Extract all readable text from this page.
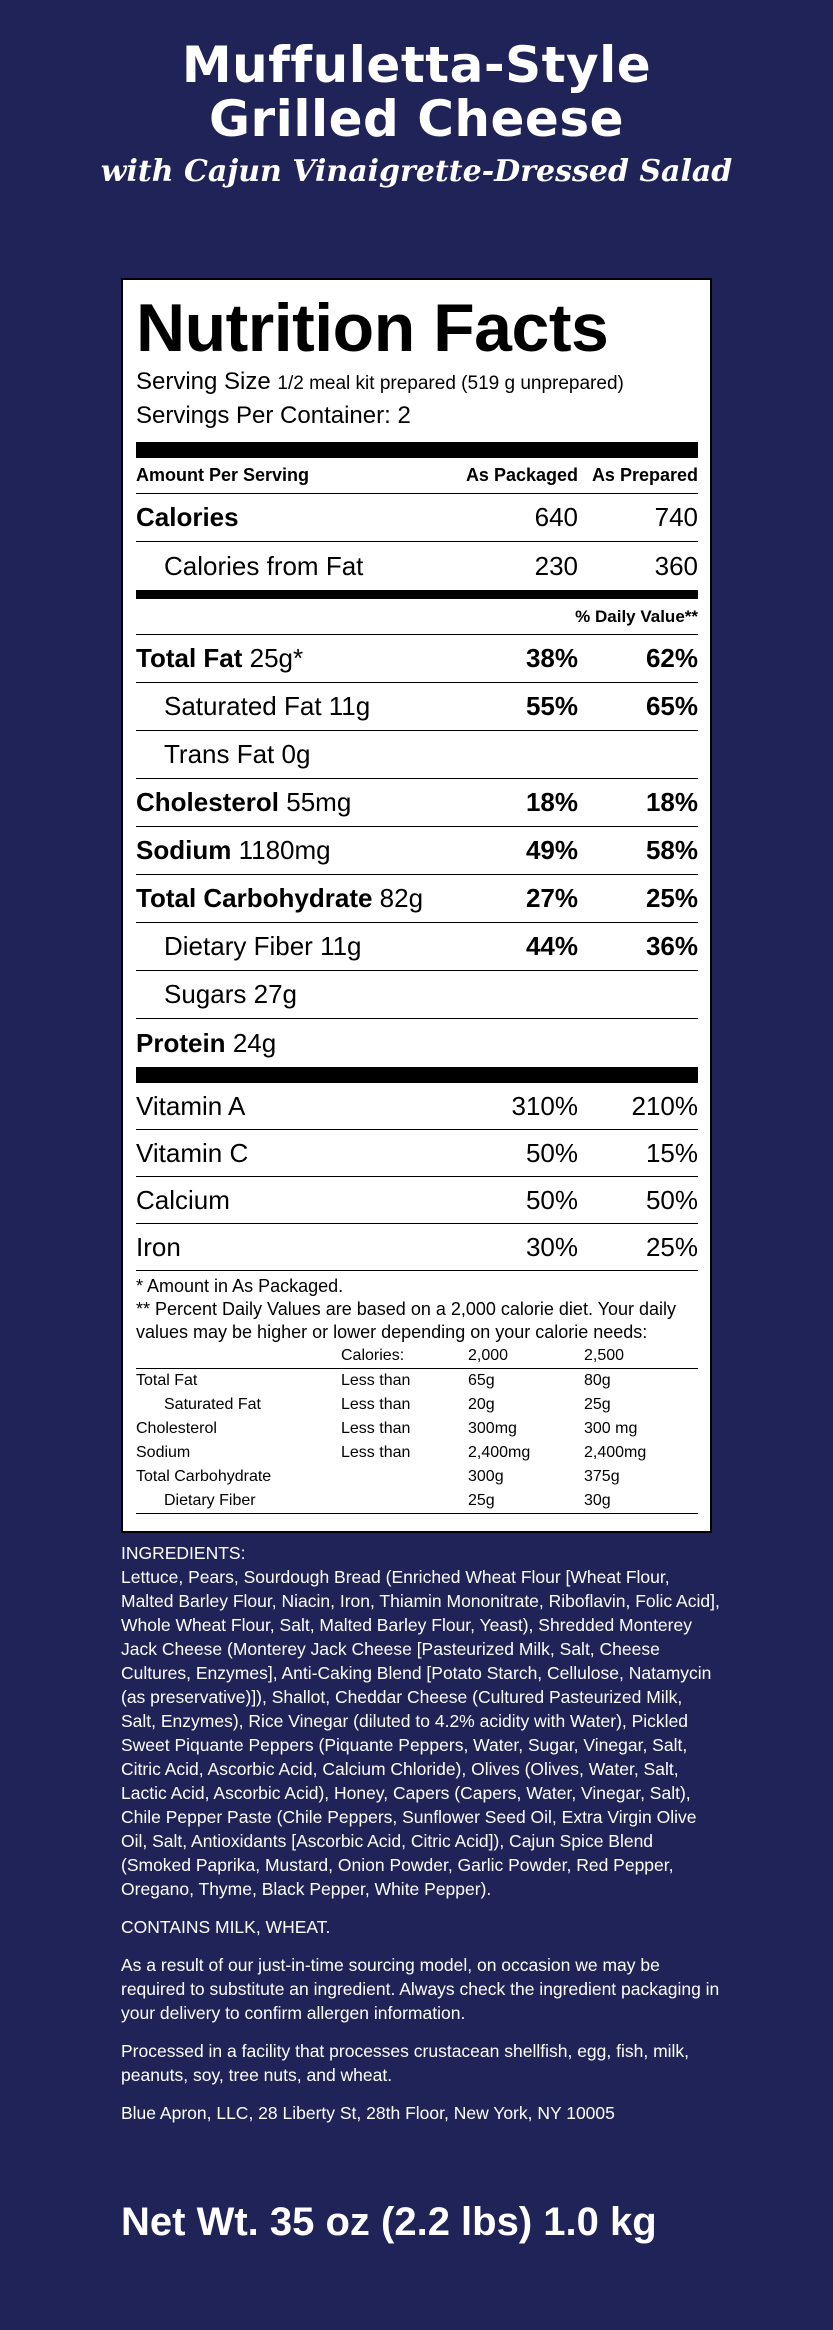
Muffuletta-Style Grilled Cheese
with Cajun Vinaigrette-Dressed Salad
Nutrition Facts
Serving Size 1/2 meal kit prepared (519 g unprepared)
Servings Per Container: 2
Amount Per Serving	As Packaged As Prepared
Calories	640	740
Calories from Fat	230	360
% Daily Value**
Total Fat 25g*	38%	62%
Saturated Fat 11g	55%	65%
Trans Fat 0g
Cholesterol 55mg	18%	18%
Sodium 1180mg	49%	58%
Total Carbohydrate 82g	27%	25%
Dietary Fiber 11g	44%	36%
Sugars 27g
Protein 24g
Vitamin A	310%	210%
Vitamin C	50%	15%
Calcium	50%	50%
Iron	30%	25%
* Amount in As Packaged.
** Percent Daily Values are based on a 2,000 calorie diet. Your daily values may be higher or lower depending on your calorie needs:
	Calories:	2,000	2,500
Total Fat	Less than	65g	80g
Saturated Fat	Less than	20g	25g
Cholesterol	Less than	300mg	300 mg
Sodium	Less than	2,400mg	2,400mg
Total Carbohydrate		300g	375g
Dietary Fiber		25g	30g

INGREDIENTS:
Lettuce, Pears, Sourdough Bread (Enriched Wheat Flour [Wheat Flour, Malted Barley Flour, Niacin, Iron, Thiamin Mononitrate, Riboflavin, Folic Acid], Whole Wheat Flour, Salt, Malted Barley Flour, Yeast), Shredded Monterey Jack Cheese (Monterey Jack Cheese [Pasteurized Milk, Salt, Cheese Cultures, Enzymes], Anti-Caking Blend [Potato Starch, Cellulose, Natamycin (as preservative)]), Shallot, Cheddar Cheese (Cultured Pasteurized Milk, Salt, Enzymes), Rice Vinegar (diluted to 4.2% acidity with Water), Pickled Sweet Piquante Peppers (Piquante Peppers, Water, Sugar, Vinegar, Salt, Citric Acid, Ascorbic Acid, Calcium Chloride), Olives (Olives, Water, Salt, Lactic Acid, Ascorbic Acid), Honey, Capers (Capers, Water, Vinegar, Salt), Chile Pepper Paste (Chile Peppers, Sunflower Seed Oil, Extra Virgin Olive Oil, Salt, Antioxidants [Ascorbic Acid, Citric Acid]), Cajun Spice Blend (Smoked Paprika, Mustard, Onion Powder, Garlic Powder, Red Pepper, Oregano, Thyme, Black Pepper, White Pepper).

CONTAINS MILK, WHEAT.

As a result of our just-in-time sourcing model, on occasion we may be required to substitute an ingredient. Always check the ingredient packaging in your delivery to confirm allergen information.

Processed in a facility that processes crustacean shellfish, egg, fish, milk, peanuts, soy, tree nuts, and wheat.

Blue Apron, LLC, 28 Liberty St, 28th Floor, New York, NY 10005

Net Wt. 35 oz (2.2 lbs) 1.0 kg
